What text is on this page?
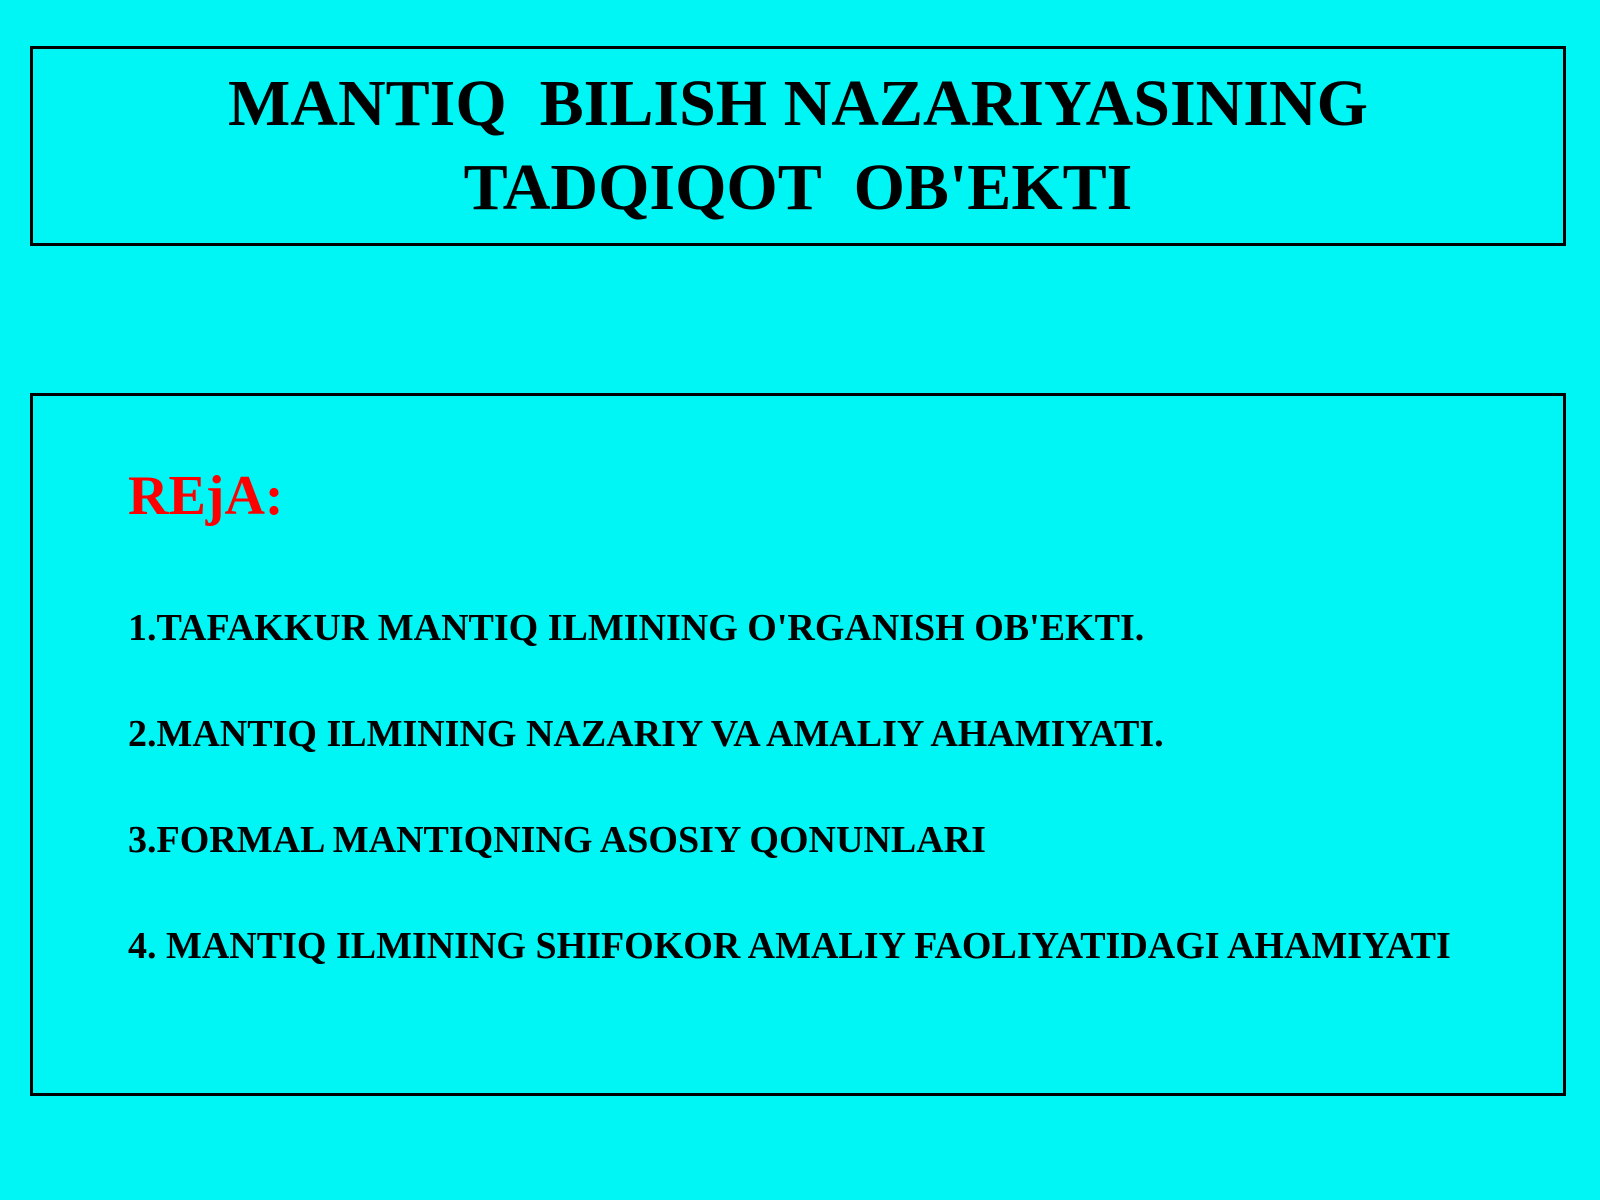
MANTIQ  BILISH NAZARIYASINING
TADQIQOT  OB'EKTI
REjA:

1.TAFAKKUR MANTIQ ILMINING O'RGANISH OB'EKTI.

2.MANTIQ ILMINING NAZARIY VA AMALIY AHAMIYATI.

3.FORMAL MANTIQNING ASOSIY QONUNLARI

4. MANTIQ ILMINING SHIFOKOR AMALIY FAOLIYATIDAGI AHAMIYATI
